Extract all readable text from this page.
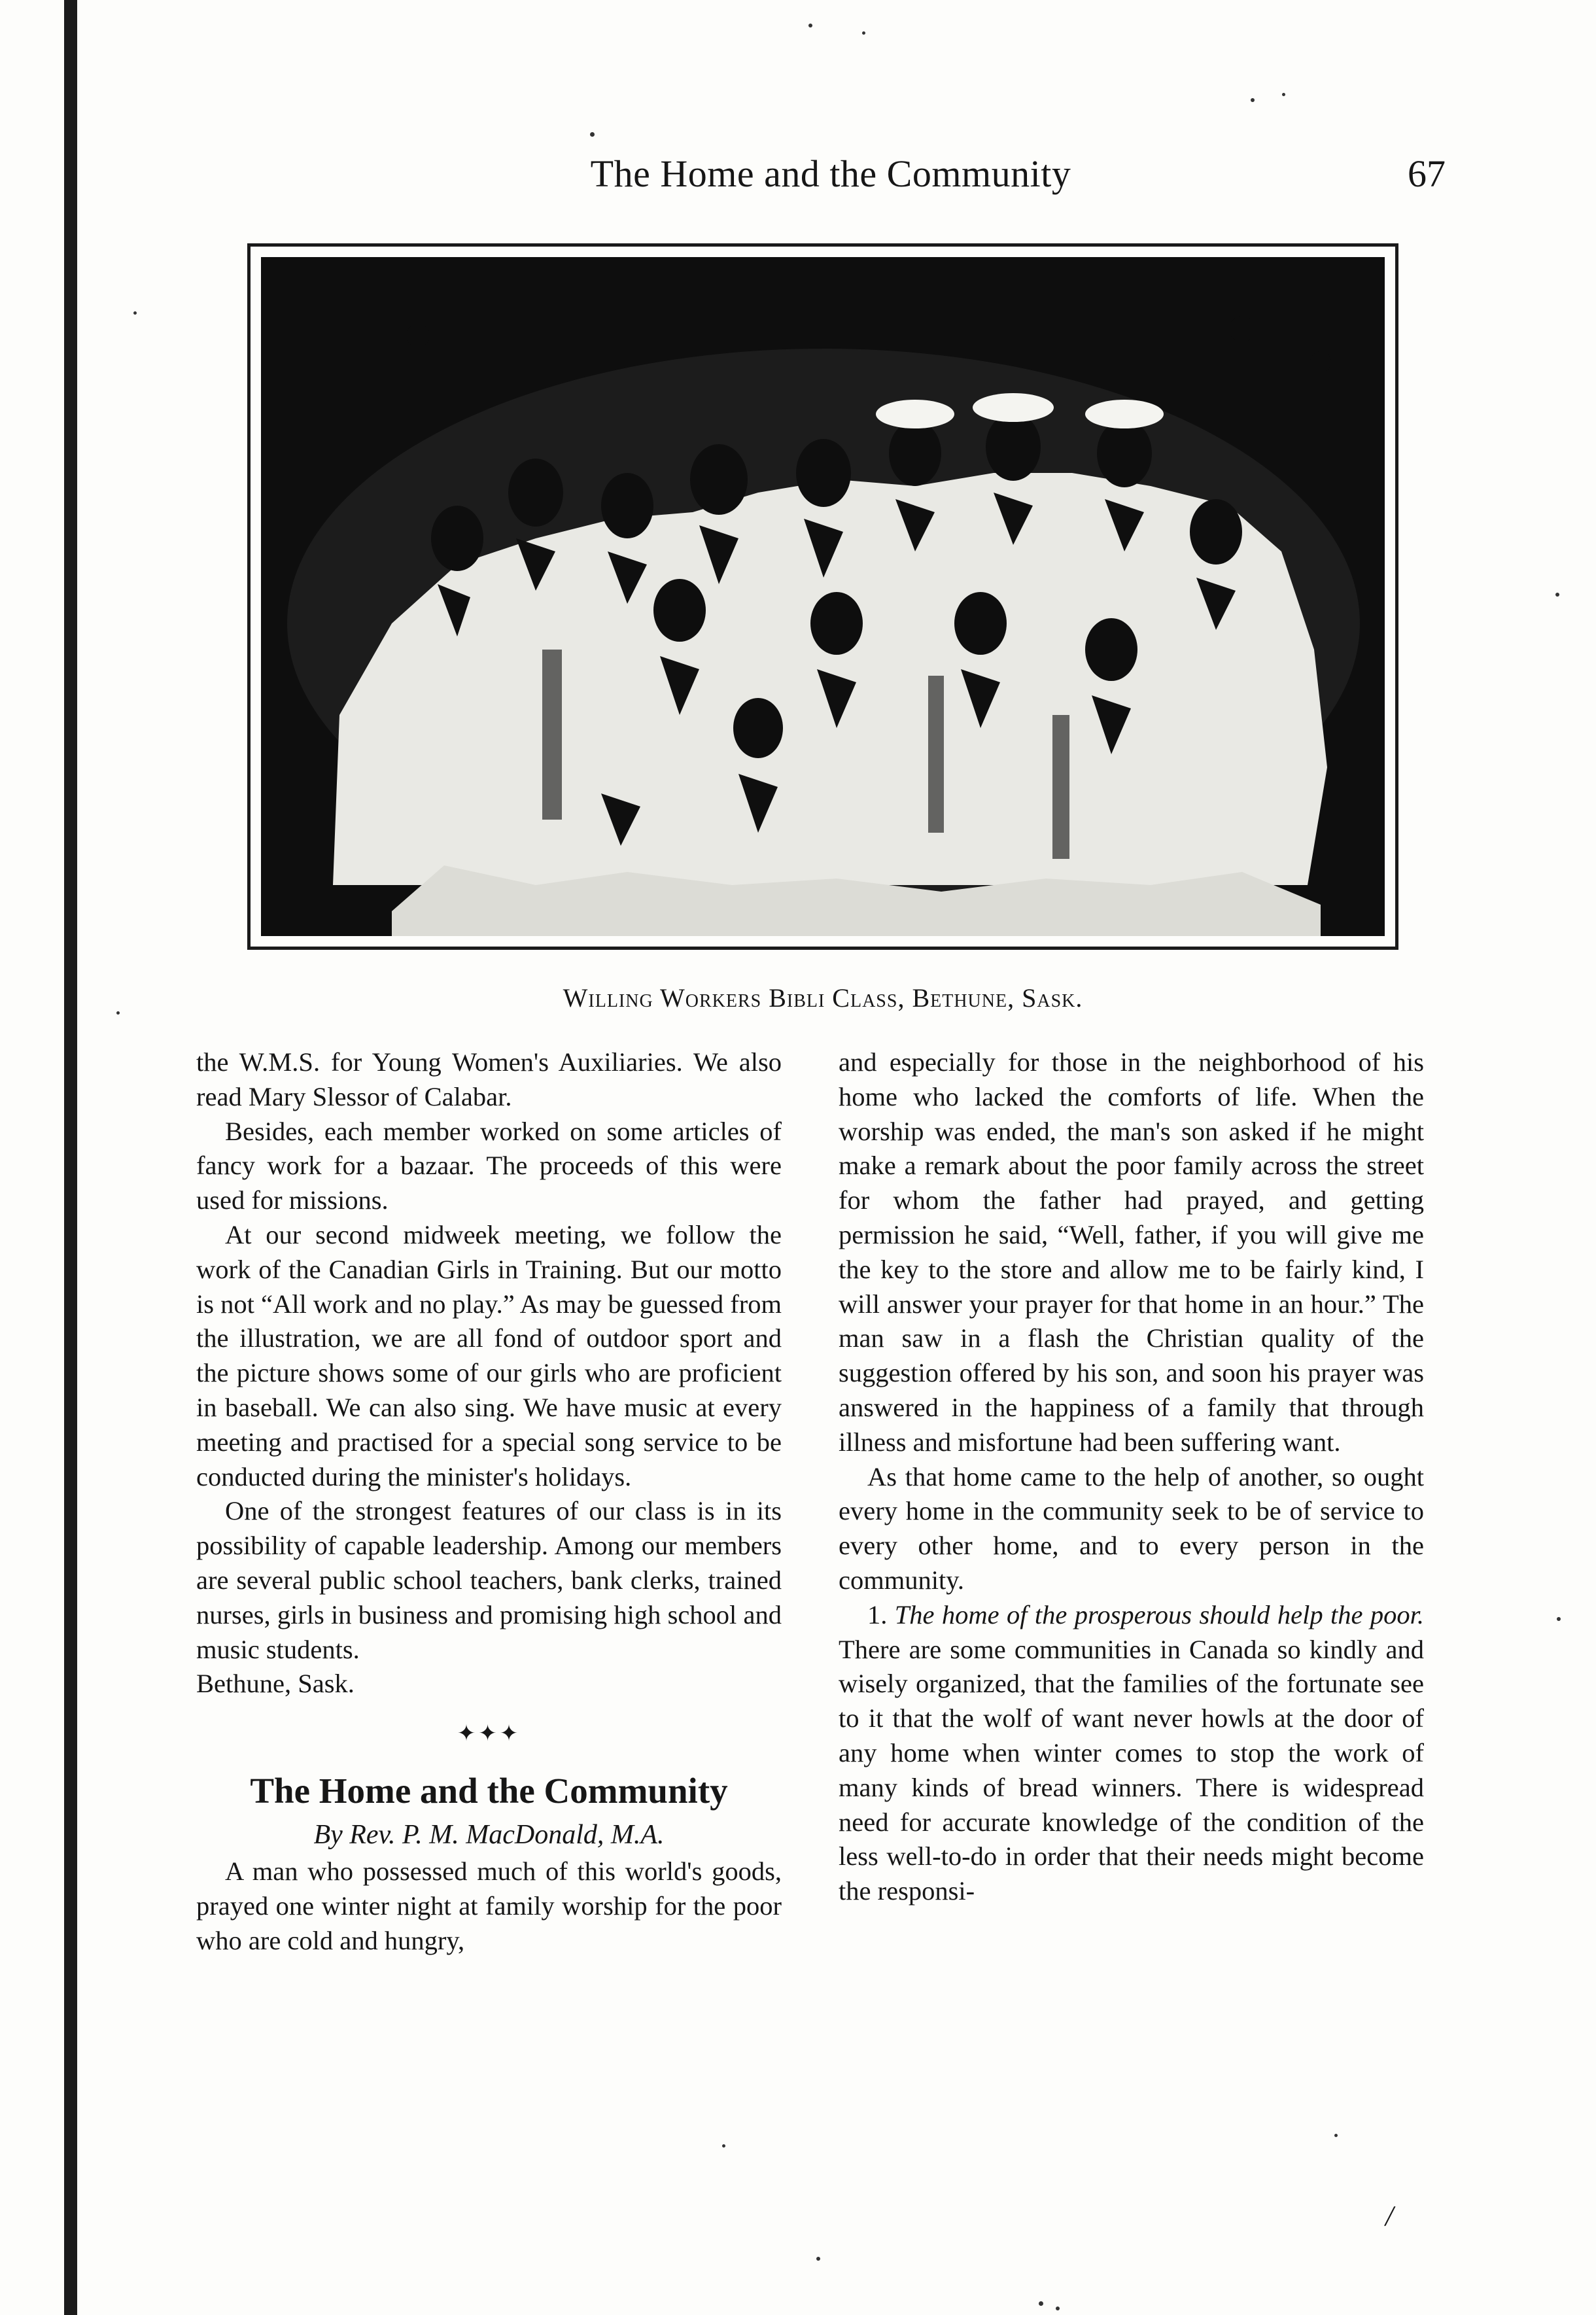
The Home and the Community	67
Willing Workers Bibli Class, Bethune, Sask.

the W.M.S. for Young Women's Auxiliaries. We also read Mary Slessor of Calabar.

Besides, each member worked on some articles of fancy work for a bazaar. The proceeds of this were used for missions.

At our second midweek meeting, we follow the work of the Canadian Girls in Training. But our motto is not “All work and no play.” As may be guessed from the illustration, we are all fond of outdoor sport and the picture shows some of our girls who are proficient in baseball. We can also sing. We have music at every meeting and practised for a special song service to be conducted during the minister's holidays.

One of the strongest features of our class is in its possibility of capable leadership. Among our members are several public school teachers, bank clerks, trained nurses, girls in business and promising high school and music students.

Bethune, Sask.

✦✦✦
The Home and the Community

By Rev. P. M. MacDonald, M.A.

A man who possessed much of this world's goods, prayed one winter night at family worship for the poor who are cold and hungry,

and especially for those in the neighborhood of his home who lacked the comforts of life. When the worship was ended, the man's son asked if he might make a remark about the poor family across the street for whom the father had prayed, and getting permission he said, “Well, father, if you will give me the key to the store and allow me to be fairly kind, I will answer your prayer for that home in an hour.” The man saw in a flash the Christian quality of the suggestion offered by his son, and soon his prayer was answered in the happiness of a family that through illness and misfortune had been suffering want.

As that home came to the help of another, so ought every home in the community seek to be of service to every other home, and to every person in the community.

1. The home of the prosperous should help the poor. There are some communities in Canada so kindly and wisely organized, that the families of the fortunate see to it that the wolf of want never howls at the door of any home when winter comes to stop the work of many kinds of bread winners. There is widespread need for accurate knowledge of the condition of the less well-to-do in order that their needs might become the responsi-

/
